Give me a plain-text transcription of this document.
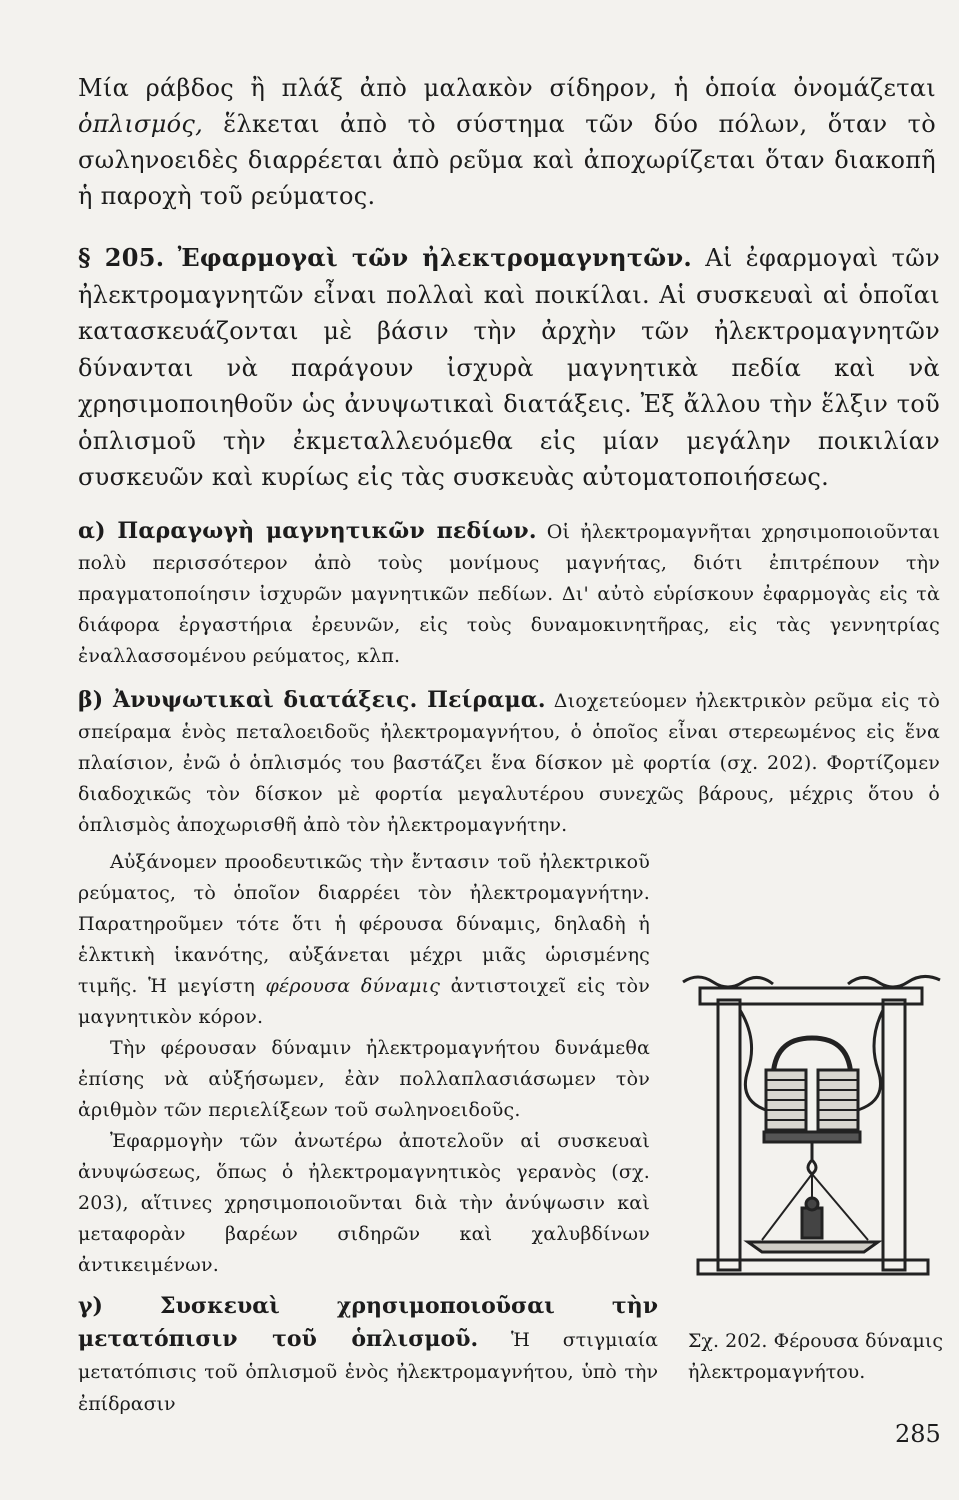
Μία ράβδος ἢ πλάξ ἀπὸ μαλακὸν σίδηρον, ἡ ὁποία ὀνομάζεται ὁπλισμός, ἕλκεται ἀπὸ τὸ σύστημα τῶν δύο πόλων, ὅταν τὸ σωληνοειδὲς διαρρέεται ἀπὸ ρεῦμα καὶ ἀποχωρίζεται ὅταν διακοπῆ ἡ παροχὴ τοῦ ρεύματος.
§ 205. Ἐφαρμογαὶ τῶν ἠλεκτρομαγνητῶν. Αἱ ἐφαρμογαὶ τῶν ἠλεκτρομαγνητῶν εἶναι πολλαὶ καὶ ποικίλαι. Αἱ συσκευαὶ αἱ ὁποῖαι κατασκευάζονται μὲ βάσιν τὴν ἀρχὴν τῶν ἠλεκτρομαγνητῶν δύνανται νὰ παράγουν ἰσχυρὰ μαγνητικὰ πεδία καὶ νὰ χρησιμοποιηθοῦν ὡς ἀνυψωτικαὶ διατάξεις. Ἐξ ἄλλου τὴν ἕλξιν τοῦ ὁπλισμοῦ τὴν ἐκμεταλλευόμεθα εἰς μίαν μεγάλην ποικιλίαν συσκευῶν καὶ κυρίως εἰς τὰς συσκευὰς αὐτοματοποιήσεως.
α) Παραγωγὴ μαγνητικῶν πεδίων. Οἱ ἠλεκτρομαγνῆται χρησιμοποιοῦνται πολὺ περισσότερον ἀπὸ τοὺς μονίμους μαγνήτας, διότι ἐπιτρέπουν τὴν πραγματοποίησιν ἰσχυρῶν μαγνητικῶν πεδίων. Δι' αὐτὸ εὑρίσκουν ἐφαρμογὰς εἰς τὰ διάφορα ἐργαστήρια ἐρευνῶν, εἰς τοὺς δυναμοκινητῆρας, εἰς τὰς γεννητρίας ἐναλλασσομένου ρεύματος, κλπ.
β) Ἀνυψωτικαὶ διατάξεις. Πείραμα. Διοχετεύομεν ἠλεκτρικὸν ρεῦμα εἰς τὸ σπείραμα ἑνὸς πεταλοειδοῦς ἠλεκτρομαγνήτου, ὁ ὁποῖος εἶναι στερεωμένος εἰς ἕνα πλαίσιον, ἐνῶ ὁ ὁπλισμός του βαστάζει ἕνα δίσκον μὲ φορτία (σχ. 202). Φορτίζομεν διαδοχικῶς τὸν δίσκον μὲ φορτία μεγαλυτέρου συνεχῶς βάρους, μέχρις ὅτου ὁ ὁπλισμὸς ἀποχωρισθῆ ἀπὸ τὸν ἠλεκτρομαγνήτην.

Αὐξάνομεν προοδευτικῶς τὴν ἔντασιν τοῦ ἠλεκτρικοῦ ρεύματος, τὸ ὁποῖον διαρρέει τὸν ἠλεκτρομαγνήτην. Παρατηροῦμεν τότε ὅτι ἡ φέρουσα δύναμις, δηλαδὴ ἡ ἑλκτικὴ ἱκανότης, αὐξάνεται μέχρι μιᾶς ὡρισμένης τιμῆς. Ἡ μεγίστη φέρουσα δύναμις ἀντιστοιχεῖ εἰς τὸν μαγνητικὸν κόρον.

Τὴν φέρουσαν δύναμιν ἠλεκτρομαγνήτου δυνάμεθα ἐπίσης νὰ αὐξήσωμεν, ἐὰν πολλαπλασιάσωμεν τὸν ἀριθμὸν τῶν περιελίξεων τοῦ σωληνοειδοῦς.

Ἐφαρμογὴν τῶν ἀνωτέρω ἀποτελοῦν αἱ συσκευαὶ ἀνυψώσεως, ὅπως ὁ ἠλεκτρομαγνητικὸς γερανὸς (σχ. 203), αἵτινες χρησιμοποιοῦνται διὰ τὴν ἀνύψωσιν καὶ μεταφορὰν βαρέων σιδηρῶν καὶ χαλυβδίνων ἀντικειμένων.

γ) Συσκευαὶ χρησιμοποιοῦσαι τὴν μετατόπισιν τοῦ ὁπλισμοῦ. Ἡ στιγμιαία μετατόπισις τοῦ ὁπλισμοῦ ἑνὸς ἠλεκτρομαγνήτου, ὑπὸ τὴν ἐπίδρασιν
Σχ. 202. Φέρουσα δύναμις ἠλεκτρομαγνήτου.
285
